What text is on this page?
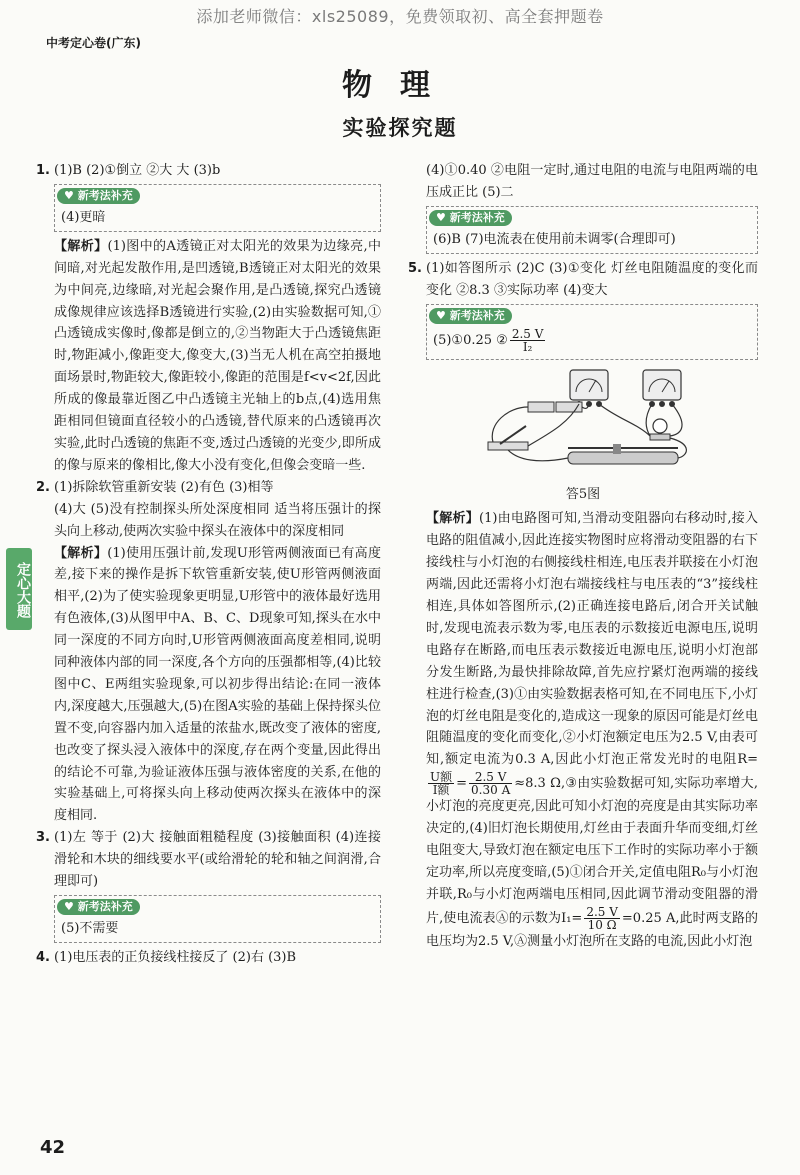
添加老师微信：xls25089，免费领取初、高全套押题卷
中考定心卷(广东)
物理
实验探究题
定心大题
42
1. (1)B (2)①倒立 ②大 大 (3)b
♥ 新考法补充
(4)更暗

【解析】(1)图中的A透镜正对太阳光的效果为边缘亮,中间暗,对光起发散作用,是凹透镜,B透镜正对太阳光的效果为中间亮,边缘暗,对光起会聚作用,是凸透镜,探究凸透镜成像规律应该选择B透镜进行实验,(2)由实验数据可知,①凸透镜成实像时,像都是倒立的,②当物距大于凸透镜焦距时,物距减小,像距变大,像变大,(3)当无人机在高空拍摄地面场景时,物距较大,像距较小,像距的范围是f<v<2f,因此所成的像最靠近图乙中凸透镜主光轴上的b点,(4)选用焦距相同但镜面直径较小的凸透镜,替代原来的凸透镜再次实验,此时凸透镜的焦距不变,透过凸透镜的光变少,即所成的像与原来的像相比,像大小没有变化,但像会变暗一些.

2. (1)拆除软管重新安装 (2)有色 (3)相等

(4)大 (5)没有控制探头所处深度相同 适当将压强计的探头向上移动,使两次实验中探头在液体中的深度相同

【解析】(1)使用压强计前,发现U形管两侧液面已有高度差,接下来的操作是拆下软管重新安装,使U形管两侧液面相平,(2)为了使实验现象更明显,U形管中的液体最好选用有色液体,(3)从图甲中A、B、C、D现象可知,探头在水中同一深度的不同方向时,U形管两侧液面高度差相同,说明同种液体内部的同一深度,各个方向的压强都相等,(4)比较图中C、E两组实验现象,可以初步得出结论:在同一液体内,深度越大,压强越大,(5)在图A实验的基础上保持探头位置不变,向容器内加入适量的浓盐水,既改变了液体的密度,也改变了探头浸入液体中的深度,存在两个变量,因此得出的结论不可靠,为验证液体压强与液体密度的关系,在他的实验基础上,可将探头向上移动使两次探头在液体中的深度相同.

3. (1)左 等于 (2)大 接触面粗糙程度 (3)接触面积 (4)连接滑轮和木块的细线要水平(或给滑轮的轮和轴之间润滑,合理即可)
♥ 新考法补充
(5)不需要
4. (1)电压表的正负接线柱接反了 (2)右 (3)B

(4)①0.40 ②电阻一定时,通过电阻的电流与电阻两端的电压成正比 (5)二

♥ 新考法补充
(6)B (7)电流表在使用前未调零(合理即可)
5. (1)如答图所示 (2)C (3)①变化 灯丝电阻随温度的变化而变化 ②8.3 ③实际功率 (4)变大
♥ 新考法补充
(5)①0.25 ② $\frac{2.5 V}{\text{I₂}}$
答5图

【解析】(1)由电路图可知,当滑动变阻器向右移动时,接入电路的阻值减小,因此连接实物图时应将滑动变阻器的右下接线柱与小灯泡的右侧接线柱相连,电压表并联接在小灯泡两端,因此还需将小灯泡右端接线柱与电压表的“3”接线柱相连,具体如答图所示,(2)正确连接电路后,闭合开关试触时,发现电流表示数为零,电压表的示数接近电源电压,说明电路存在断路,而电压表示数接近电源电压,说明小灯泡部分发生断路,为最快排除故障,首先应拧紧灯泡两端的接线柱进行检查,(3)①由实验数据表格可知,在不同电压下,小灯泡的灯丝电阻是变化的,造成这一现象的原因可能是灯丝电阻随温度的变化而变化,②小灯泡额定电压为2.5 V,由表可知,额定电流为0.3 A,因此小灯泡正常发光时的电阻R=
$\frac{\text{U额}}{\text{I额}} = \frac{2.5 V}{0.30 A} \approx 8.3$ Ω,③由实验数据可知,实际功率增大,小灯泡的亮度更亮,因此可知小灯泡的亮度是由其实际功率决定的,(4)旧灯泡长期使用,灯丝由于表面升华而变细,灯丝电阻变大,导致灯泡在额定电压下工作时的实际功率小于额定功率,所以亮度变暗,(5)①闭合开关,定值电阻R₀与小灯泡并联,R₀与小灯泡两端电压相同,因此调节滑动变阻器的滑片,使电流表Ⓐ的示数为$I_1= \frac{2.5 V}{10 \Omega} =0.25$ A,此时两支路的电压均为2.5 V,Ⓐ测量小灯泡所在支路的电流,因此小灯泡
